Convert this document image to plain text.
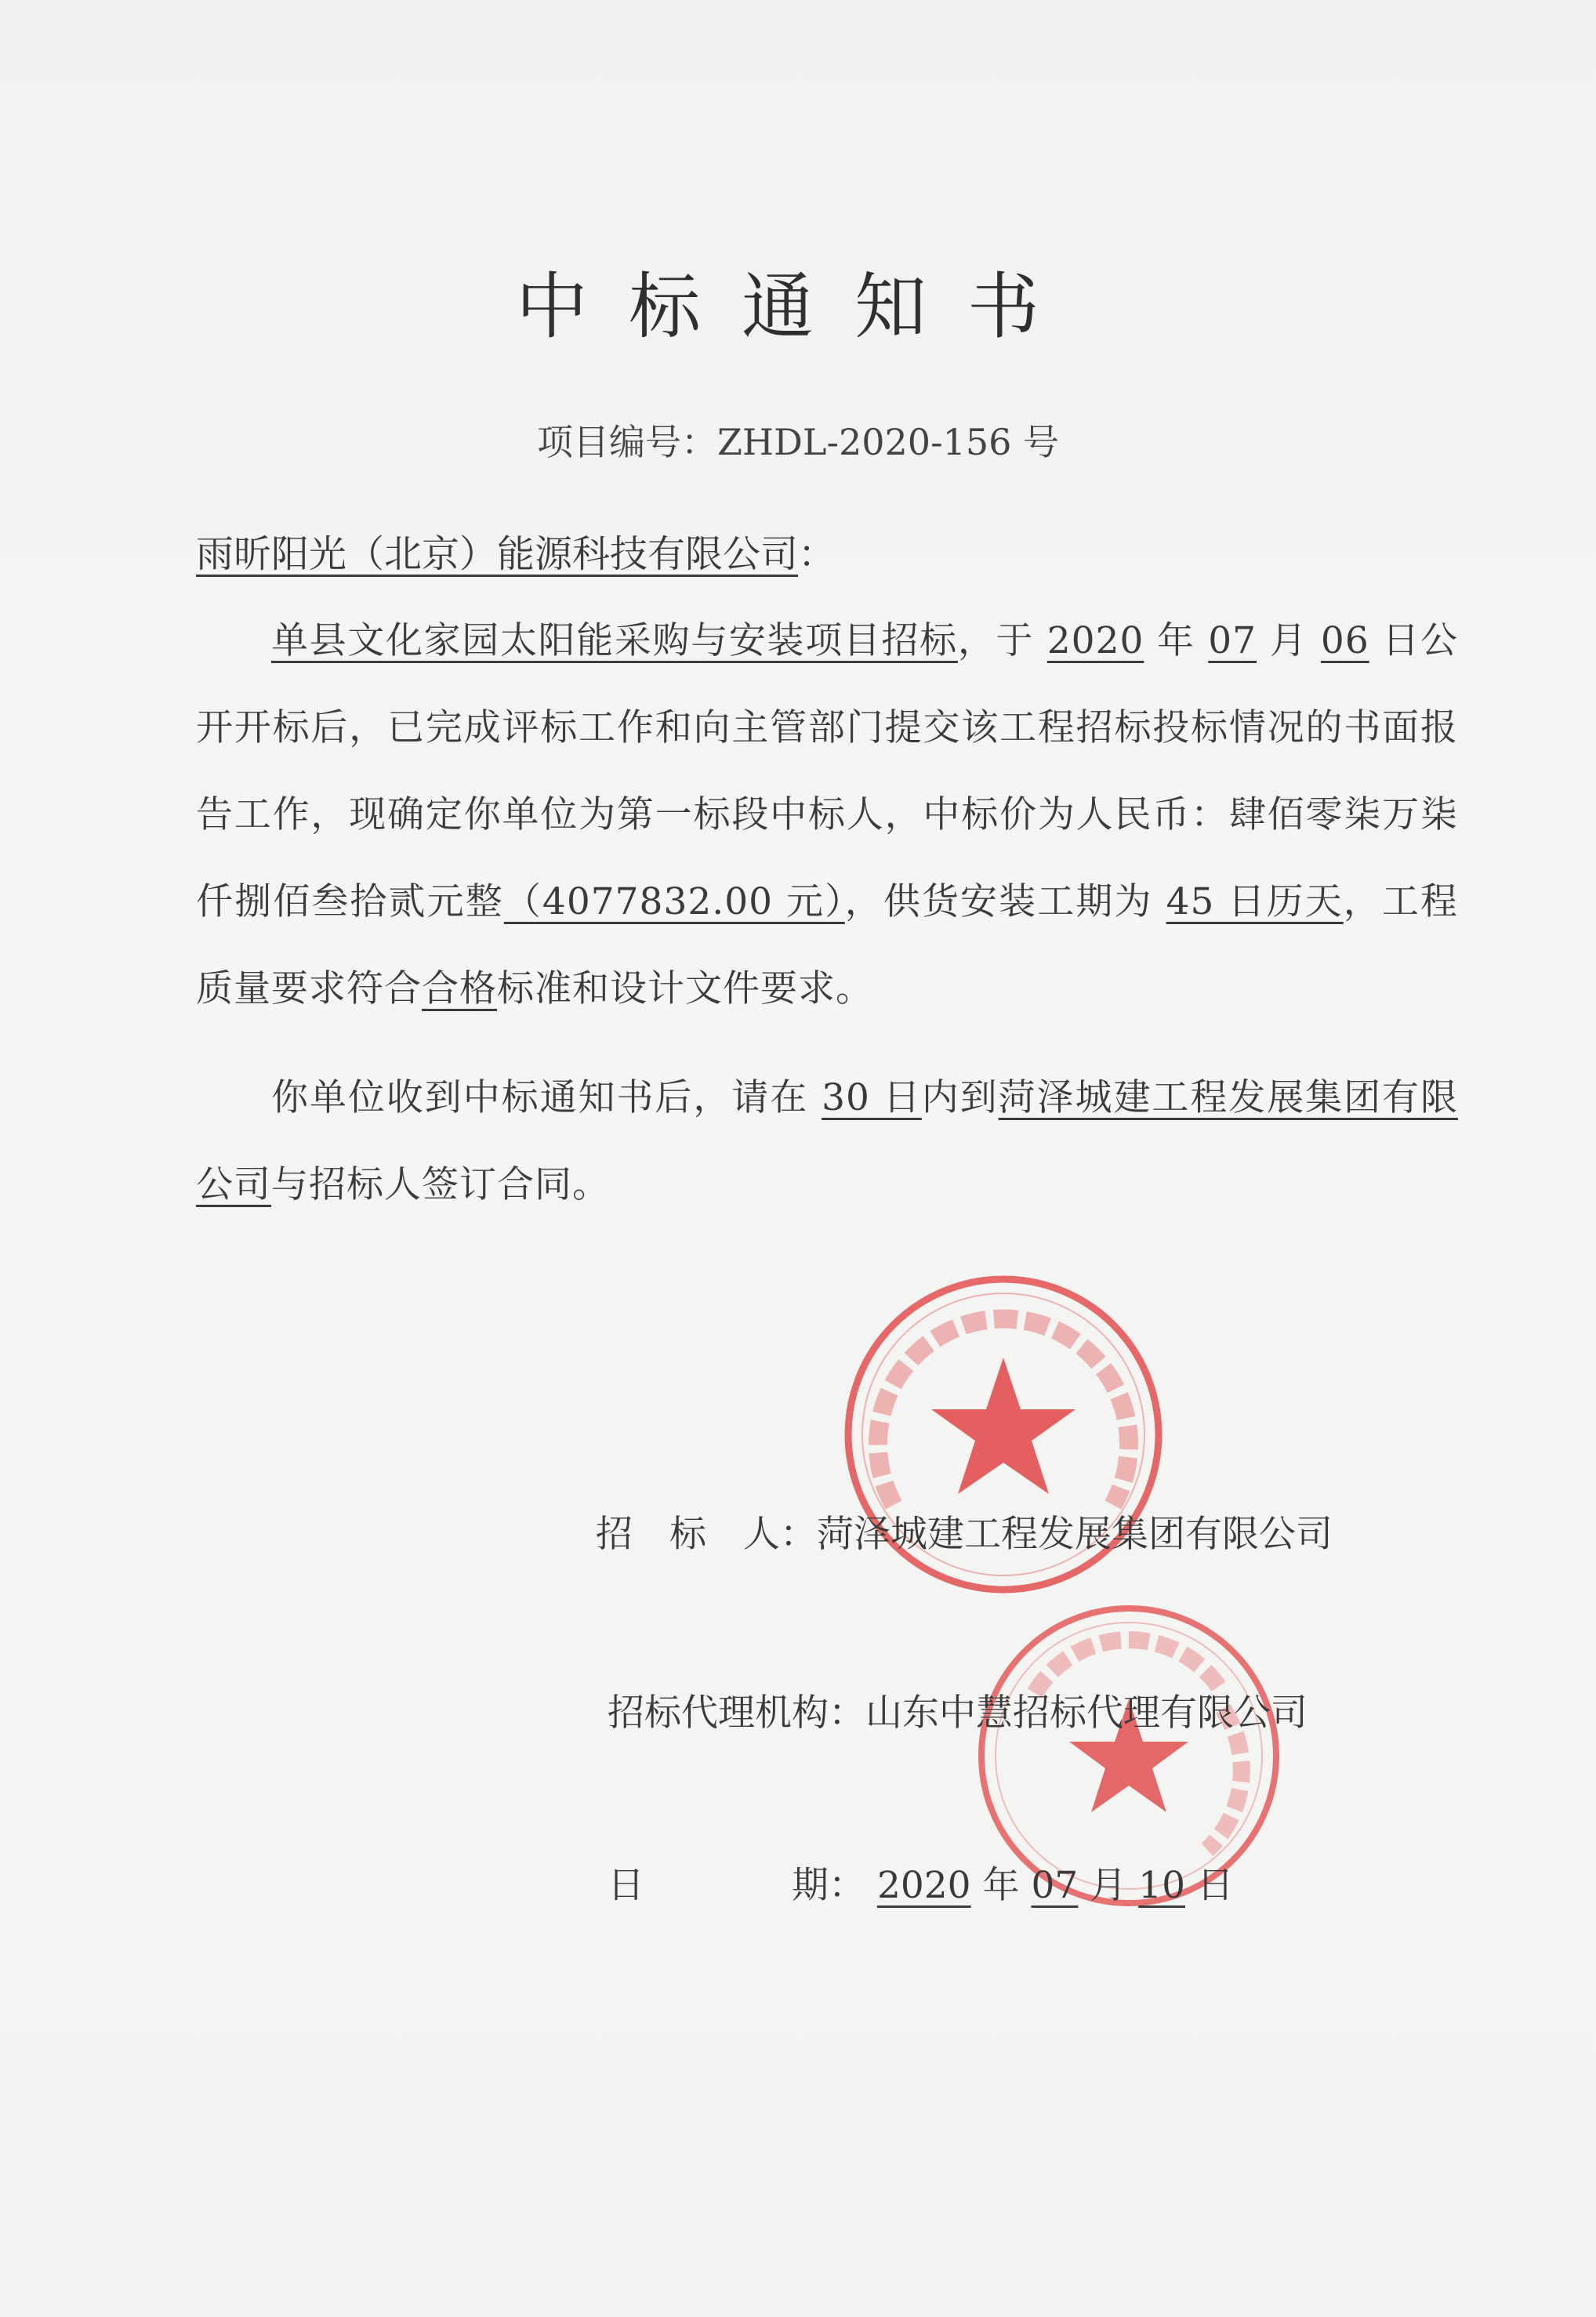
中标通知书
项目编号：ZHDL-2020-156 号
雨昕阳光（北京）能源科技有限公司：
单县文化家园太阳能采购与安装项目招标，于 2020 年 07 月 06 日公开开标后，已完成评标工作和向主管部门提交该工程招标投标情况的书面报告工作，现确定你单位为第一标段中标人，中标价为人民币：肆佰零柒万柒仟捌佰叁拾贰元整（4077832.00 元），供货安装工期为 45 日历天，工程质量要求符合合格标准和设计文件要求。
你单位收到中标通知书后，请在 30 日内到菏泽城建工程发展集团有限公司与招标人签订合同。
招　标　人：菏泽城建工程发展集团有限公司
招标代理机构：山东中慧招标代理有限公司
日　　　　期： 2020 年 07 月 10 日
